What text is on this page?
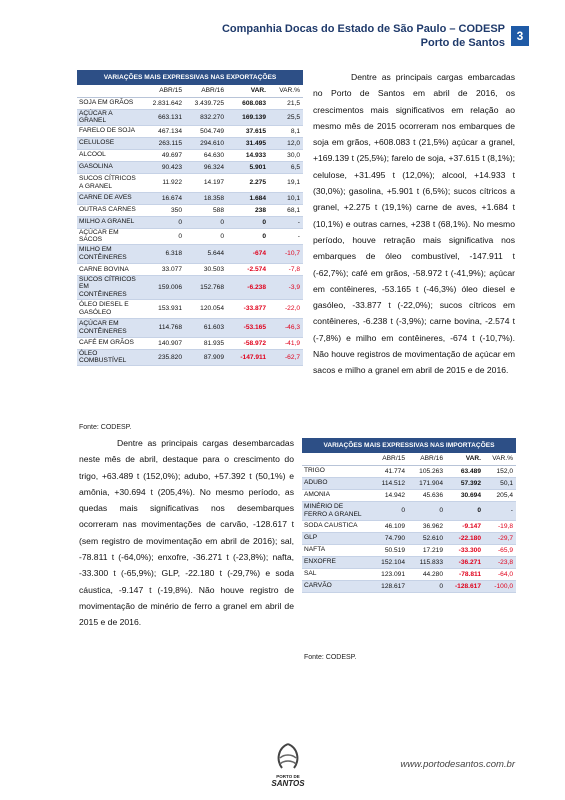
Companhia Docas do Estado de São Paulo – CODESP
Porto de Santos 3
VARIAÇÕES MAIS EXPRESSIVAS NAS EXPORTAÇÕES
	ABR/15	ABR/16	VAR.	VAR.%
SOJA EM GRÃOS	2.831.642	3.439.725	608.083	21,5
AÇÚCAR A GRANEL	663.131	832.270	169.139	25,5
FARELO DE SOJA	467.134	504.749	37.615	8,1
CELULOSE	263.115	294.610	31.495	12,0
ALCOOL	49.697	64.630	14.933	30,0
GASOLINA	90.423	96.324	5.901	6,5
SUCOS CÍTRICOS A GRANEL	11.922	14.197	2.275	19,1
CARNE DE AVES	16.674	18.358	1.684	10,1
OUTRAS CARNES	350	588	238	68,1
MILHO A GRANEL	0	0	0	-
AÇÚCAR EM SACOS	0	0	0	-
MILHO EM CONTÊINERES	6.318	5.644	-674	-10,7
CARNE BOVINA	33.077	30.503	-2.574	-7,8
SUCOS CÍTRICOS EM CONTÊINERES	159.006	152.768	-6.238	-3,9
ÓLEO DIESEL E GASÓLEO	153.931	120.054	-33.877	-22,0
AÇÚCAR EM CONTÊINERES	114.768	61.603	-53.165	-46,3
CAFÉ EM GRÃOS	140.907	81.935	-58.972	-41,9
ÓLEO COMBUSTÍVEL	235.820	87.909	-147.911	-62,7
Fonte: CODESP.
Dentre as principais cargas embarcadas no Porto de Santos em abril de 2016, os crescimentos mais significativos em relação ao mesmo mês de 2015 ocorreram nos embarques de soja em grãos, +608.083 t (21,5%) açúcar a granel, +169.139 t (25,5%); farelo de soja, +37.615 t (8,1%); celulose, +31.495 t (12,0%); alcool, +14.933 t (30,0%); gasolina, +5.901 t (6,5%); sucos cítricos a granel, +2.275 t (19,1%) carne de aves, +1.684 t (10,1%) e outras carnes, +238 t (68,1%). No mesmo período, houve retração mais significativa nos embarques de óleo combustível, -147.911 t (-62,7%); café em grãos, -58.972 t (-41,9%); açúcar em contêineres, -53.165 t (-46,3%) óleo diesel e gasóleo, -33.877 t (-22,0%); sucos cítricos em contêineres, -6.238 t (-3,9%); carne bovina, -2.574 t (-7,8%) e milho em contêineres, -674 t (-10,7%). Não houve registros de movimentação de açúcar em sacos e milho a granel em abril de 2015 e de 2016.
Dentre as principais cargas desembarcadas neste mês de abril, destaque para o crescimento do trigo, +63.489 t (152,0%); adubo, +57.392 t (50,1%) e amônia, +30.694 t (205,4%). No mesmo período, as quedas mais significativas nos desembarques ocorreram nas movimentações de carvão, -128.617 t (sem registro de movimentação em abril de 2016); sal, -78.811 t (-64,0%); enxofre, -36.271 t (-23,8%); nafta, -33.300 t (-65,9%); GLP, -22.180 t (-29,7%) e soda cáustica, -9.147 t (-19,8%). Não houve registro de movimentação de minério de ferro a granel em abril de 2015 e de 2016.
VARIAÇÕES MAIS EXPRESSIVAS NAS IMPORTAÇÕES
	ABR/15	ABR/16	VAR.	VAR.%
TRIGO	41.774	105.263	63.489	152,0
ADUBO	114.512	171.904	57.392	50,1
AMONIA	14.942	45.636	30.694	205,4
MINÉRIO DE FERRO A GRANEL	0	0	0	-
SODA CAUSTICA	46.109	36.962	-9.147	-19,8
GLP	74.790	52.610	-22.180	-29,7
NAFTA	50.519	17.219	-33.300	-65,9
ENXOFRE	152.104	115.833	-36.271	-23,8
SAL	123.091	44.280	-78.811	-64,0
CARVÃO	128.617	0	-128.617	-100,0
Fonte: CODESP.
PORTO DE
SANTOS
www.portodesantos.com.br
